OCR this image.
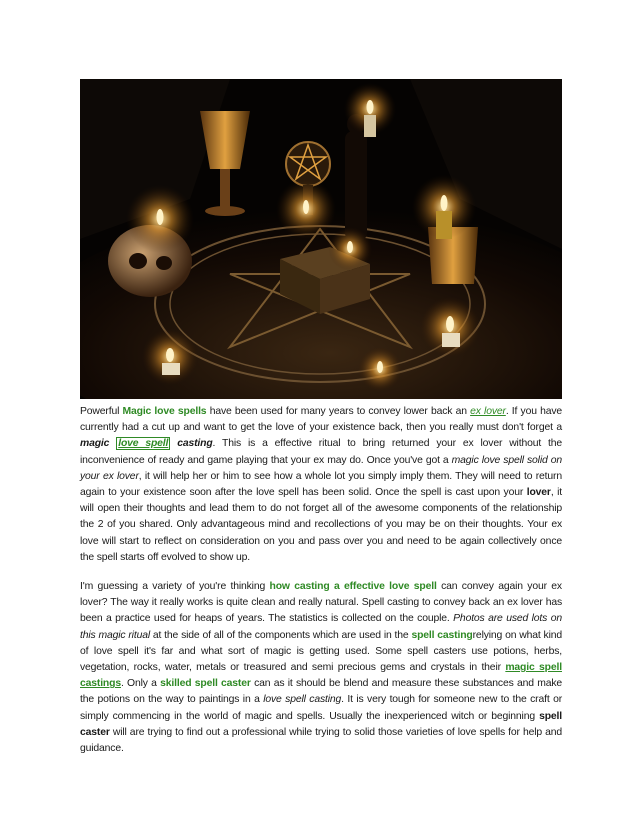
Powerful Magic love spells have been used for many years to convey lower back an ex lover. If you have currently had a cut up and want to get the love of your existence back, then you really must don't forget a magic love spell casting. This is a effective ritual to bring returned your ex lover without the inconvenience of ready and game playing that your ex may do. Once you've got a magic love spell solid on your ex lover, it will help her or him to see how a whole lot you simply imply them. They will need to return again to your existence soon after the love spell has been solid. Once the spell is cast upon your lover, it will open their thoughts and lead them to do not forget all of the awesome components of the relationship the 2 of you shared. Only advantageous mind and recollections of you may be on their thoughts. Your ex love will start to reflect on consideration on you and pass over you and need to be again collectively once the spell starts off evolved to show up.

I'm guessing a variety of you're thinking how casting a effective love spell can convey again your ex lover? The way it really works is quite clean and really natural. Spell casting to convey back an ex lover has been a practice used for heaps of years. The statistics is collected on the couple. Photos are used lots on this magic ritual at the side of all of the components which are used in the spell castingrelying on what kind of love spell it's far and what sort of magic is getting used. Some spell casters use potions, herbs, vegetation, rocks, water, metals or treasured and semi precious gems and crystals in their magic spell castings. Only a skilled spell caster can as it should be blend and measure these substances and make the potions on the way to paintings in a love spell casting. It is very tough for someone new to the craft or simply commencing in the world of magic and spells. Usually the inexperienced witch or beginning spell caster will are trying to find out a professional while trying to solid those varieties of love spells for help and guidance.
